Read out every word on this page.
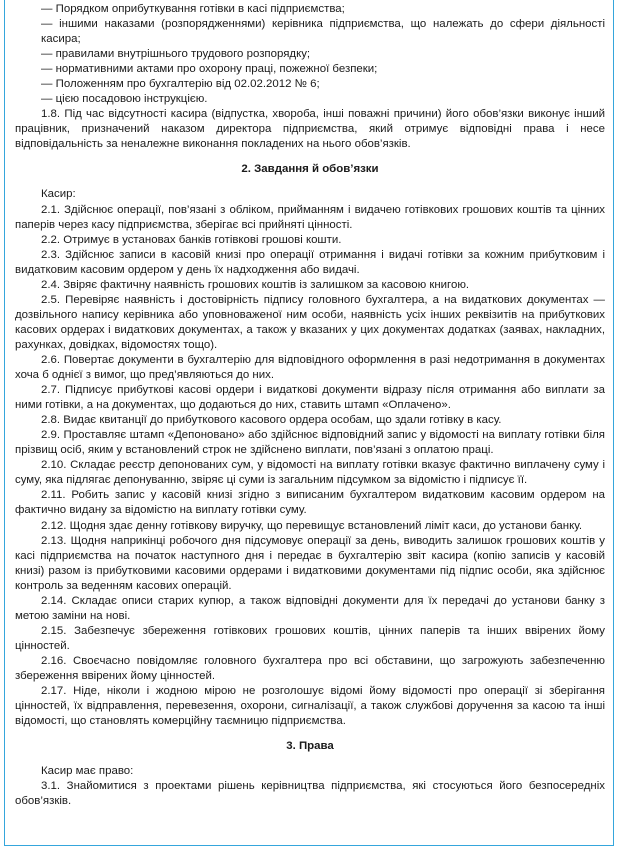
— Порядком оприбуткування готівки в касі підприємства;
— іншими наказами (розпорядженнями) керівника підприємства, що належать до сфери діяльності касира;
— правилами внутрішнього трудового розпорядку;
— нормативними актами про охорону праці, пожежної безпеки;
— Положенням про бухгалтерію від 02.02.2012 № 6;
— цією посадовою інструкцією.
1.8. Під час відсутності касира (відпустка, хвороба, інші поважні причини) його обов’язки виконує інший працівник, призначений наказом директора підприємства, який отримує відповідні права і несе відповідальність за неналежне виконання покладених на нього обов’язків.
2. Завдання й обов’язки
Касир:
2.1. Здійснює операції, пов’язані з обліком, прийманням і видачею готівкових грошових коштів та цінних паперів через касу підприємства, зберігає всі прийняті цінності.
2.2. Отримує в установах банків готівкові грошові кошти.
2.3. Здійснює записи в касовій книзі про операції отримання і видачі готівки за кожним прибутковим і видатковим касовим ордером у день їх надходження або видачі.
2.4. Звіряє фактичну наявність грошових коштів із залишком за касовою книгою.
2.5. Перевіряє наявність і достовірність підпису головного бухгалтера, а на видаткових документах — дозвільного напису керівника або уповноваженої ним особи, наявність усіх інших реквізитів на прибуткових касових ордерах і видаткових документах, а також у вказаних у цих документах додатках (заявах, накладних, рахунках, довідках, відомостях тощо).
2.6. Повертає документи в бухгалтерію для відповідного оформлення в разі недотримання в документах хоча б однієї з вимог, що пред’являються до них.
2.7. Підписує прибуткові касові ордери і видаткові документи відразу після отримання або виплати за ними готівки, а на документах, що додаються до них, ставить штамп «Оплачено».
2.8. Видає квитанції до прибуткового касового ордера особам, що здали готівку в касу.
2.9. Проставляє штамп «Депоновано» або здійснює відповідний запис у відомості на виплату готівки біля прізвищ осіб, яким у встановлений строк не здійснено виплати, пов’язані з оплатою праці.
2.10. Складає реєстр депонованих сум, у відомості на виплату готівки вказує фактично виплачену суму і суму, яка підлягає депонуванню, звіряє ці суми із загальним підсумком за відомістю і підписує її.
2.11. Робить запис у касовій книзі згідно з виписаним бухгалтером видатковим касовим ордером на фактично видану за відомістю на виплату готівки суму.
2.12. Щодня здає денну готівкову виручку, що перевищує встановлений ліміт каси, до установи банку.
2.13. Щодня наприкінці робочого дня підсумовує операції за день, виводить залишок грошових коштів у касі підприємства на початок наступного дня і передає в бухгалтерію звіт касира (копію записів у касовій книзі) разом із прибутковими касовими ордерами і видатковими документами під підпис особи, яка здійснює контроль за веденням касових операцій.
2.14. Складає описи старих купюр, а також відповідні документи для їх передачі до установи банку з метою заміни на нові.
2.15. Забезпечує збереження готівкових грошових коштів, цінних паперів та інших ввірених йому цінностей.
2.16. Своєчасно повідомляє головного бухгалтера про всі обставини, що загрожують забезпеченню збереження ввірених йому цінностей.
2.17. Ніде, ніколи і жодною мірою не розголошує відомі йому відомості про операції зі зберігання цінностей, їх відправлення, перевезення, охорони, сигналізації, а також службові доручення за касою та інші відомості, що становлять комерційну таємницю підприємства.
3. Права
Касир має право:
3.1. Знайомитися з проектами рішень керівництва підприємства, які стосуються його безпосередніх обов’язків.
